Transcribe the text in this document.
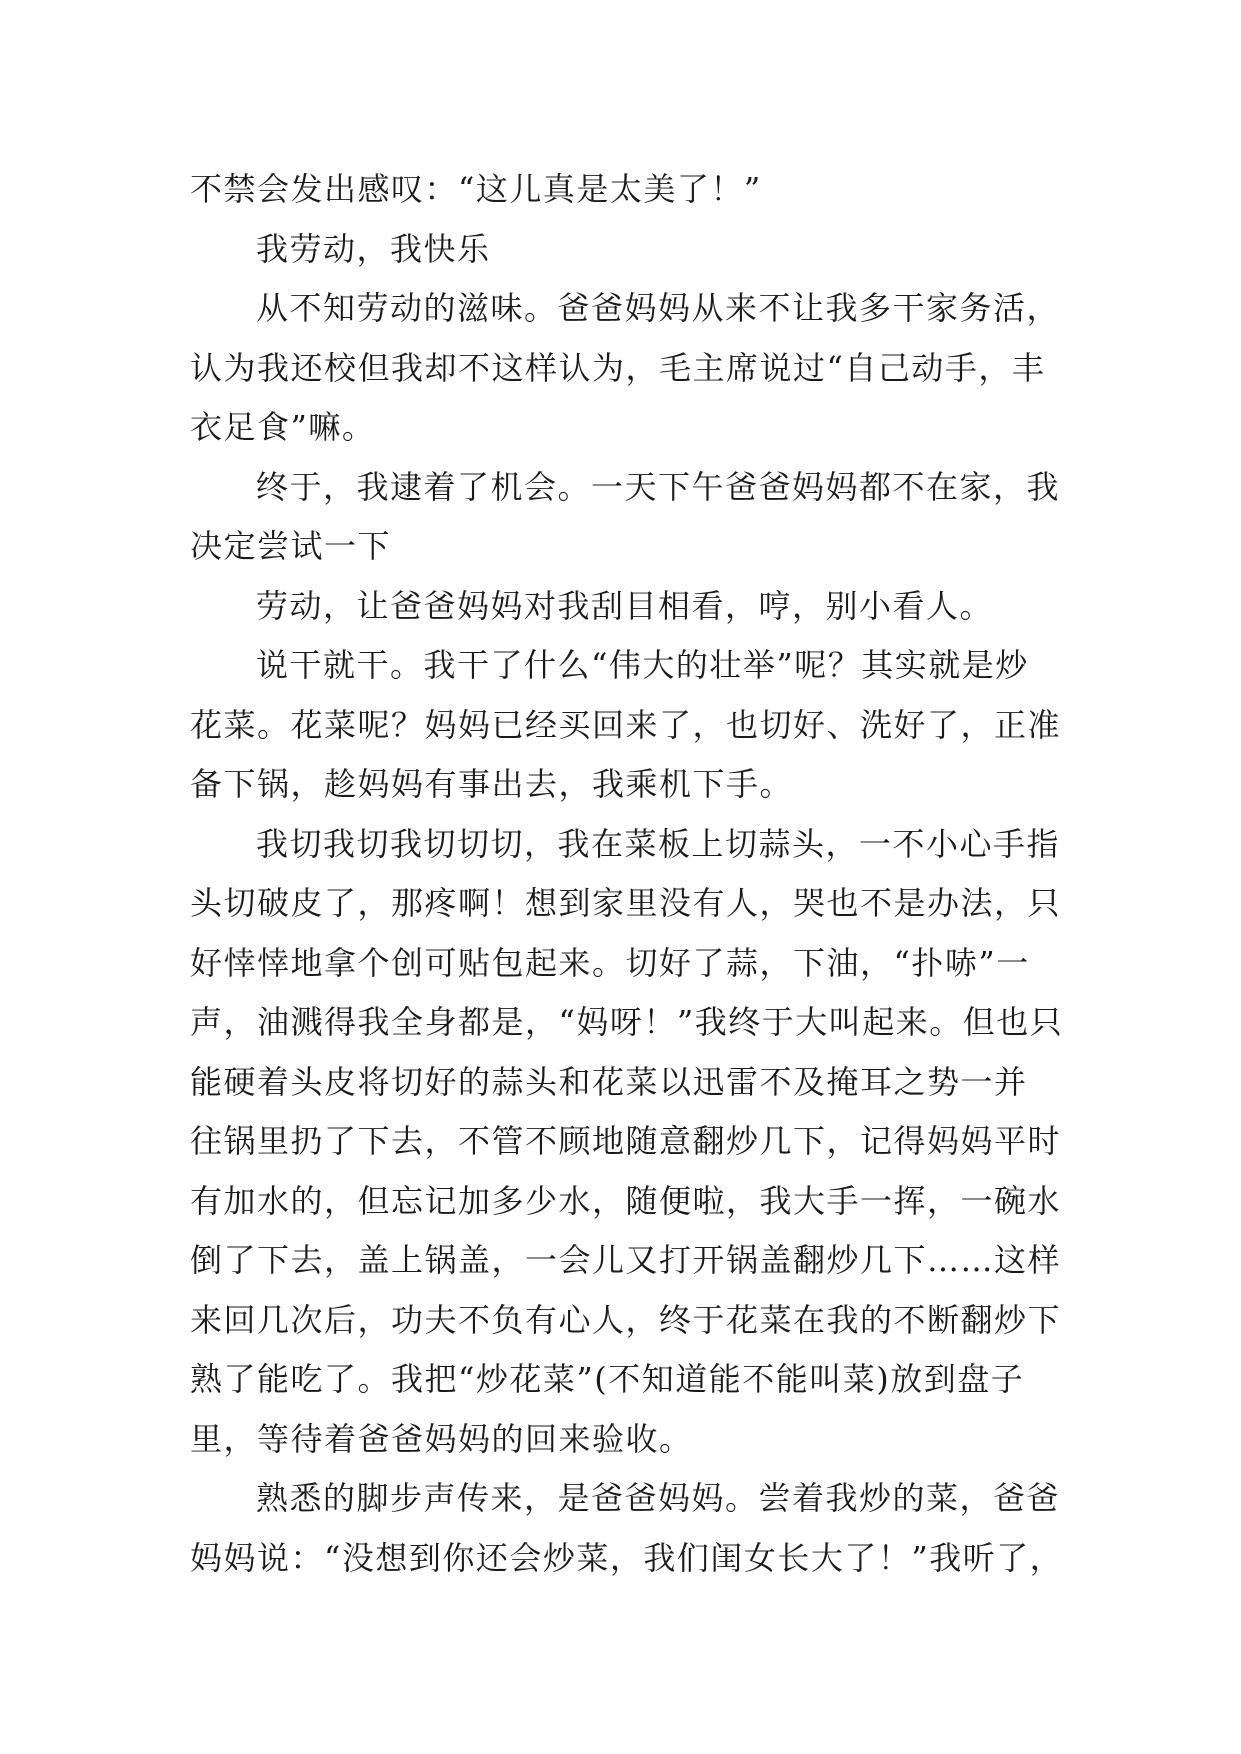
不禁会发出感叹：“这儿真是太美了！”
我劳动，我快乐
从不知劳动的滋味。爸爸妈妈从来不让我多干家务活，
认为我还校但我却不这样认为，毛主席说过“自己动手，丰
衣足食”嘛。
终于，我逮着了机会。一天下午爸爸妈妈都不在家，我
决定尝试一下
劳动，让爸爸妈妈对我刮目相看，哼，别小看人。
说干就干。我干了什么“伟大的壮举”呢？其实就是炒
花菜。花菜呢？妈妈已经买回来了，也切好、洗好了，正准
备下锅，趁妈妈有事出去，我乘机下手。
我切我切我切切切，我在菜板上切蒜头，一不小心手指
头切破皮了，那疼啊！想到家里没有人，哭也不是办法，只
好悻悻地拿个创可贴包起来。切好了蒜，下油，“扑哧”一
声，油溅得我全身都是，“妈呀！”我终于大叫起来。但也只
能硬着头皮将切好的蒜头和花菜以迅雷不及掩耳之势一并
往锅里扔了下去，不管不顾地随意翻炒几下，记得妈妈平时
有加水的，但忘记加多少水，随便啦，我大手一挥，一碗水
倒了下去，盖上锅盖，一会儿又打开锅盖翻炒几下……这样
来回几次后，功夫不负有心人，终于花菜在我的不断翻炒下
熟了能吃了。我把“炒花菜”(不知道能不能叫菜)放到盘子
里，等待着爸爸妈妈的回来验收。
熟悉的脚步声传来，是爸爸妈妈。尝着我炒的菜，爸爸
妈妈说：“没想到你还会炒菜，我们闺女长大了！”我听了，
